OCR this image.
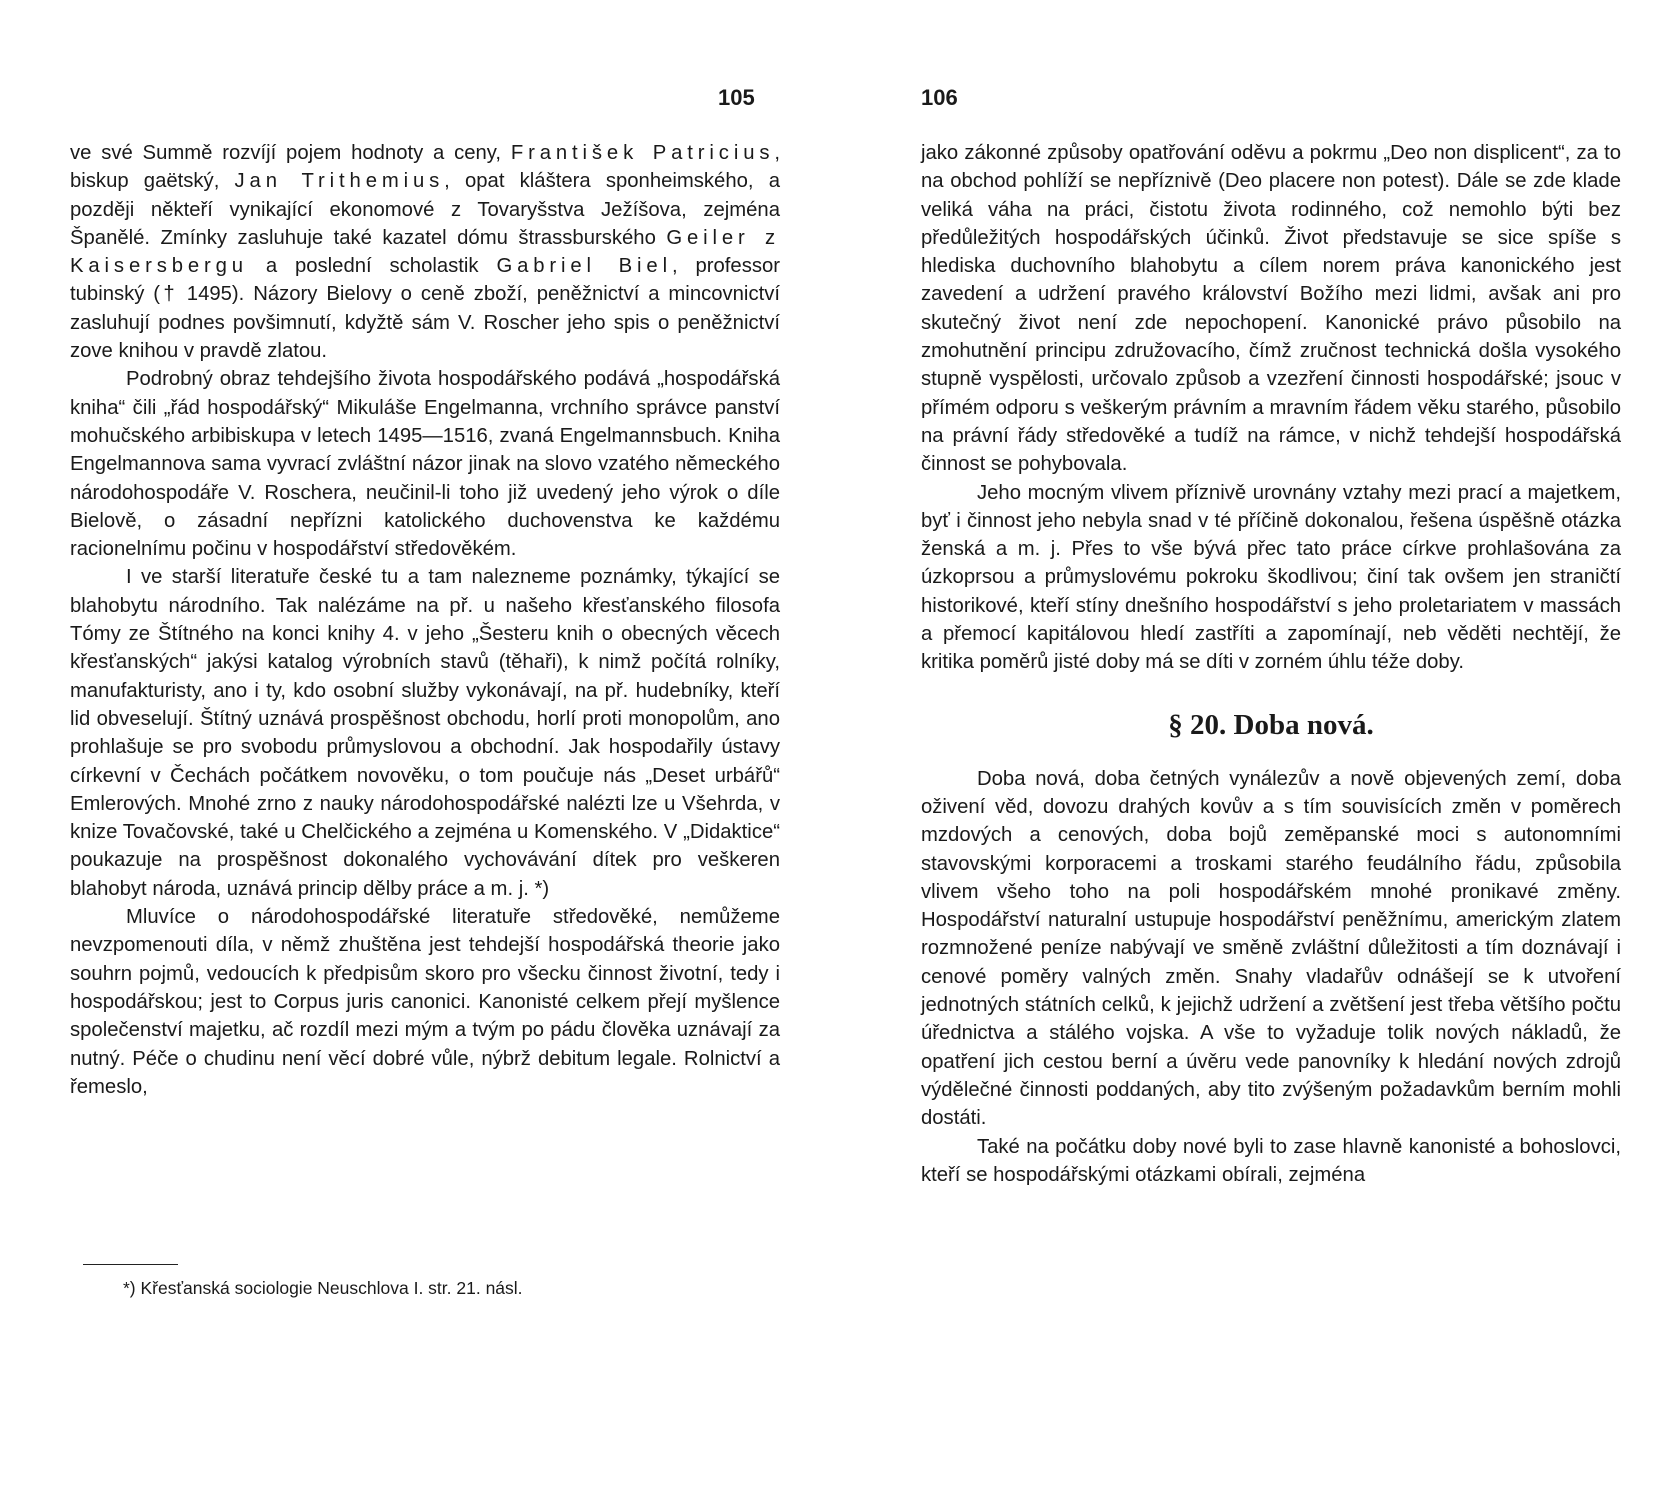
105

ve své Summě rozvíjí pojem hodnoty a ceny, František Patricius, biskup gaëtský, Jan Trithemius, opat kláštera sponheimského, a později někteří vynikající ekonomové z Tovaryšstva Ježíšova, zejména Španělé. Zmínky zasluhuje také kazatel dómu štrassburského Geiler z Kaisersbergu a poslední scholastik Gabriel Biel, professor tubinský († 1495). Názory Bielovy o ceně zboží, peněžnictví a mincovnictví zasluhují podnes povšimnutí, kdyžtě sám V. Roscher jeho spis o peněžnictví zove knihou v pravdě zlatou.

Podrobný obraz tehdejšího života hospodářského podává „hospodářská kniha“ čili „řád hospodářský“ Mikuláše Engelmanna, vrchního správce panství mohučského arbibiskupa v letech 1495—1516, zvaná Engelmannsbuch. Kniha Engelmannova sama vyvrací zvláštní názor jinak na slovo vzatého německého národohospodáře V. Roschera, neučinil-li toho již uvedený jeho výrok o díle Bielově, o zásadní nepřízni katolického duchovenstva ke každému racionelnímu počinu v hospodářství středověkém.

I ve starší literatuře české tu a tam nalezneme poznámky, týkající se blahobytu národního. Tak nalézáme na př. u našeho křesťanského filosofa Tómy ze Štítného na konci knihy 4. v jeho „Šesteru knih o obecných věcech křesťanských“ jakýsi katalog výrobních stavů (těhaři), k nimž počítá rolníky, manufakturisty, ano i ty, kdo osobní služby vykonávají, na př. hudebníky, kteří lid obveselují. Štítný uznává prospěšnost obchodu, horlí proti monopolům, ano prohlašuje se pro svobodu průmyslovou a obchodní. Jak hospodařily ústavy církevní v Čechách počátkem novověku, o tom poučuje nás „Deset urbářů“ Emlerových. Mnohé zrno z nauky národohospodářské nalézti lze u Všehrda, v knize Tovačovské, také u Chelčického a zejména u Komenského. V „Didaktice“ poukazuje na prospěšnost dokonalého vychovávání dítek pro veškeren blahobyt národa, uznává princip dělby práce a m. j. *)

Mluvíce o národohospodářské literatuře středověké, nemůžeme nevzpomenouti díla, v němž zhuštěna jest tehdejší hospodářská theorie jako souhrn pojmů, vedoucích k předpisům skoro pro všecku činnost životní, tedy i hospodářskou; jest to Corpus juris canonici. Kanonisté celkem přejí myšlence společenství majetku, ač rozdíl mezi mým a tvým po pádu člověka uznávají za nutný. Péče o chudinu není věcí dobré vůle, nýbrž debitum legale. Rolnictví a řemeslo,

*) Křesťanská sociologie Neuschlova I. str. 21. násl.

106

jako zákonné způsoby opatřování oděvu a pokrmu „Deo non displicent“, za to na obchod pohlíží se nepříznivě (Deo placere non potest). Dále se zde klade veliká váha na práci, čistotu života rodinného, což nemohlo býti bez předůležitých hospodářských účinků. Život představuje se sice spíše s hlediska duchovního blahobytu a cílem norem práva kanonického jest zavedení a udržení pravého království Božího mezi lidmi, avšak ani pro skutečný život není zde nepochopení. Kanonické právo působilo na zmohutnění principu združovacího, čímž zručnost technická došla vysokého stupně vyspělosti, určovalo způsob a vzezření činnosti hospodářské; jsouc v přímém odporu s veškerým právním a mravním řádem věku starého, působilo na právní řády středověké a tudíž na rámce, v nichž tehdejší hospodářská činnost se pohybovala.

Jeho mocným vlivem příznivě urovnány vztahy mezi prací a majetkem, byť i činnost jeho nebyla snad v té příčině dokonalou, řešena úspěšně otázka ženská a m. j. Přes to vše bývá přec tato práce církve prohlašována za úzkoprsou a průmyslovému pokroku škodlivou; činí tak ovšem jen straničtí historikové, kteří stíny dnešního hospodářství s jeho proletariatem v massách a přemocí kapitálovou hledí zastříti a zapomínají, neb věděti nechtějí, že kritika poměrů jisté doby má se díti v zorném úhlu téže doby.

§ 20. Doba nová.

Doba nová, doba četných vynálezův a nově objevených zemí, doba oživení věd, dovozu drahých kovův a s tím souvisících změn v poměrech mzdových a cenových, doba bojů zeměpanské moci s autonomními stavovskými korporacemi a troskami starého feudálního řádu, způsobila vlivem všeho toho na poli hospodářském mnohé pronikavé změny. Hospodářství naturalní ustupuje hospodářství peněžnímu, americkým zlatem rozmnožené peníze nabývají ve směně zvláštní důležitosti a tím doznávají i cenové poměry valných změn. Snahy vladařův odnášejí se k utvoření jednotných státních celků, k jejichž udržení a zvětšení jest třeba většího počtu úřednictva a stálého vojska. A vše to vyžaduje tolik nových nákladů, že opatření jich cestou berní a úvěru vede panovníky k hledání nových zdrojů výdělečné činnosti poddaných, aby tito zvýšeným požadavkům berním mohli dostáti.

Také na počátku doby nové byli to zase hlavně kanonisté a bohoslovci, kteří se hospodářskými otázkami obírali, zejména
